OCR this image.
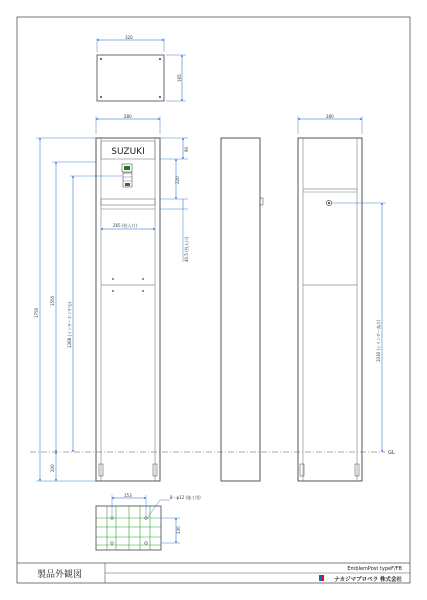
320
165
SUZUKI
280
265 (投入口)
90
220
40.5 (投入口)
1750
1550
1368 (インターホン中心)
200
280
1030 (シリンダー高さ)
GL
153	8－φ12 (施工用)
130
製品外観図
EmblemPost typeF/FB
ナカジマプロペラ 株式会社
